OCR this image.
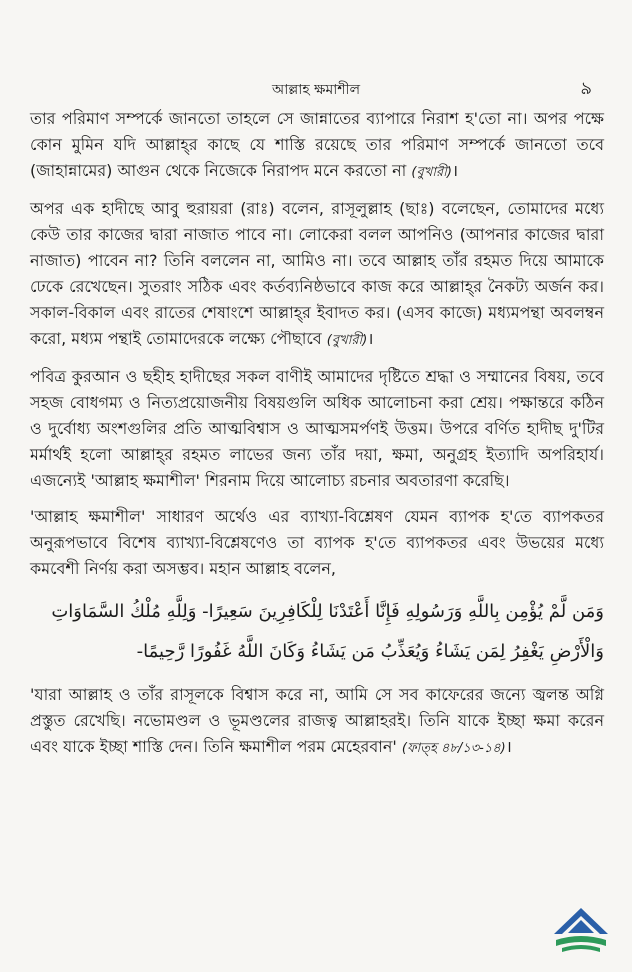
আল্লাহ ক্ষমাশীল	৯

তার পরিমাণ সম্পর্কে জানতো তাহলে সে জান্নাতের ব্যাপারে নিরাশ হ'তো না। অপর পক্ষে কোন মুমিন যদি আল্লাহ্‌র কাছে যে শাস্তি রয়েছে তার পরিমাণ সম্পর্কে জানতো তবে (জাহান্নামের) আগুন থেকে নিজেকে নিরাপদ মনে করতো না (বুখারী)।

অপর এক হাদীছে আবু হুরায়রা (রাঃ) বলেন, রাসূলুল্লাহ (ছাঃ) বলেছেন, তোমাদের মধ্যে কেউ তার কাজের দ্বারা নাজাত পাবে না। লোকেরা বলল আপনিও (আপনার কাজের দ্বারা নাজাত) পাবেন না? তিনি বললেন না, আমিও না। তবে আল্লাহ তাঁর রহমত দিয়ে আমাকে ঢেকে রেখেছেন। সুতরাং সঠিক এবং কর্তব্যনিষ্ঠভাবে কাজ করে আল্লাহ্‌র নৈকট্য অর্জন কর। সকাল-বিকাল এবং রাতের শেষাংশে আল্লাহ্‌র ইবাদত কর। (এসব কাজে) মধ্যমপন্থা অবলম্বন করো, মধ্যম পন্থাই তোমাদেরকে লক্ষ্যে পৌছাবে (বুখারী)।

পবিত্র কুরআন ও ছহীহ হাদীছের সকল বাণীই আমাদের দৃষ্টিতে শ্রদ্ধা ও সম্মানের বিষয়, তবে সহজ বোধগম্য ও নিত্যপ্রয়োজনীয় বিষয়গুলি অধিক আলোচনা করা শ্রেয়। পক্ষান্তরে কঠিন ও দুর্বোধ্য অংশগুলির প্রতি আত্মবিশ্বাস ও আত্মসমর্পণই উত্তম। উপরে বর্ণিত হাদীছ দু'টির মর্মার্থই হলো আল্লাহ্‌র রহমত লাভের জন্য তাঁর দয়া, ক্ষমা, অনুগ্রহ ইত্যাদি অপরিহার্য। এজন্যেই 'আল্লাহ ক্ষমাশীল' শিরনাম দিয়ে আলোচ্য রচনার অবতারণা করেছি।

'আল্লাহ ক্ষমাশীল' সাধারণ অর্থেও এর ব্যাখ্যা-বিশ্লেষণ যেমন ব্যাপক হ'তে ব্যাপকতর অনুরূপভাবে বিশেষ ব্যাখ্যা-বিশ্লেষণেও তা ব্যাপক হ'তে ব্যাপকতর এবং উভয়ের মধ্যে কমবেশী নির্ণয় করা অসম্ভব। মহান আল্লাহ বলেন,

وَمَن لَّمْ يُؤْمِن بِاللَّهِ وَرَسُولِهِ فَإِنَّا أَعْتَدْنَا لِلْكَافِرِينَ سَعِيرًا- وَلِلَّهِ مُلْكُ السَّمَاوَاتِ
وَالْأَرْضِ يَغْفِرُ لِمَن يَشَاءُ وَيُعَذِّبُ مَن يَشَاءُ وَكَانَ اللَّهُ غَفُورًا رَّحِيمًا-

'যারা আল্লাহ ও তাঁর রাসূলকে বিশ্বাস করে না, আমি সে সব কাফেরের জন্যে জ্বলন্ত অগ্নি প্রস্তুত রেখেছি। নভোমণ্ডল ও ভূমণ্ডলের রাজত্ব আল্লাহরই। তিনি যাকে ইচ্ছা ক্ষমা করেন এবং যাকে ইচ্ছা শাস্তি দেন। তিনি ক্ষমাশীল পরম মেহেরবান' (ফাত্‌হ ৪৮/১৩-১৪)।
